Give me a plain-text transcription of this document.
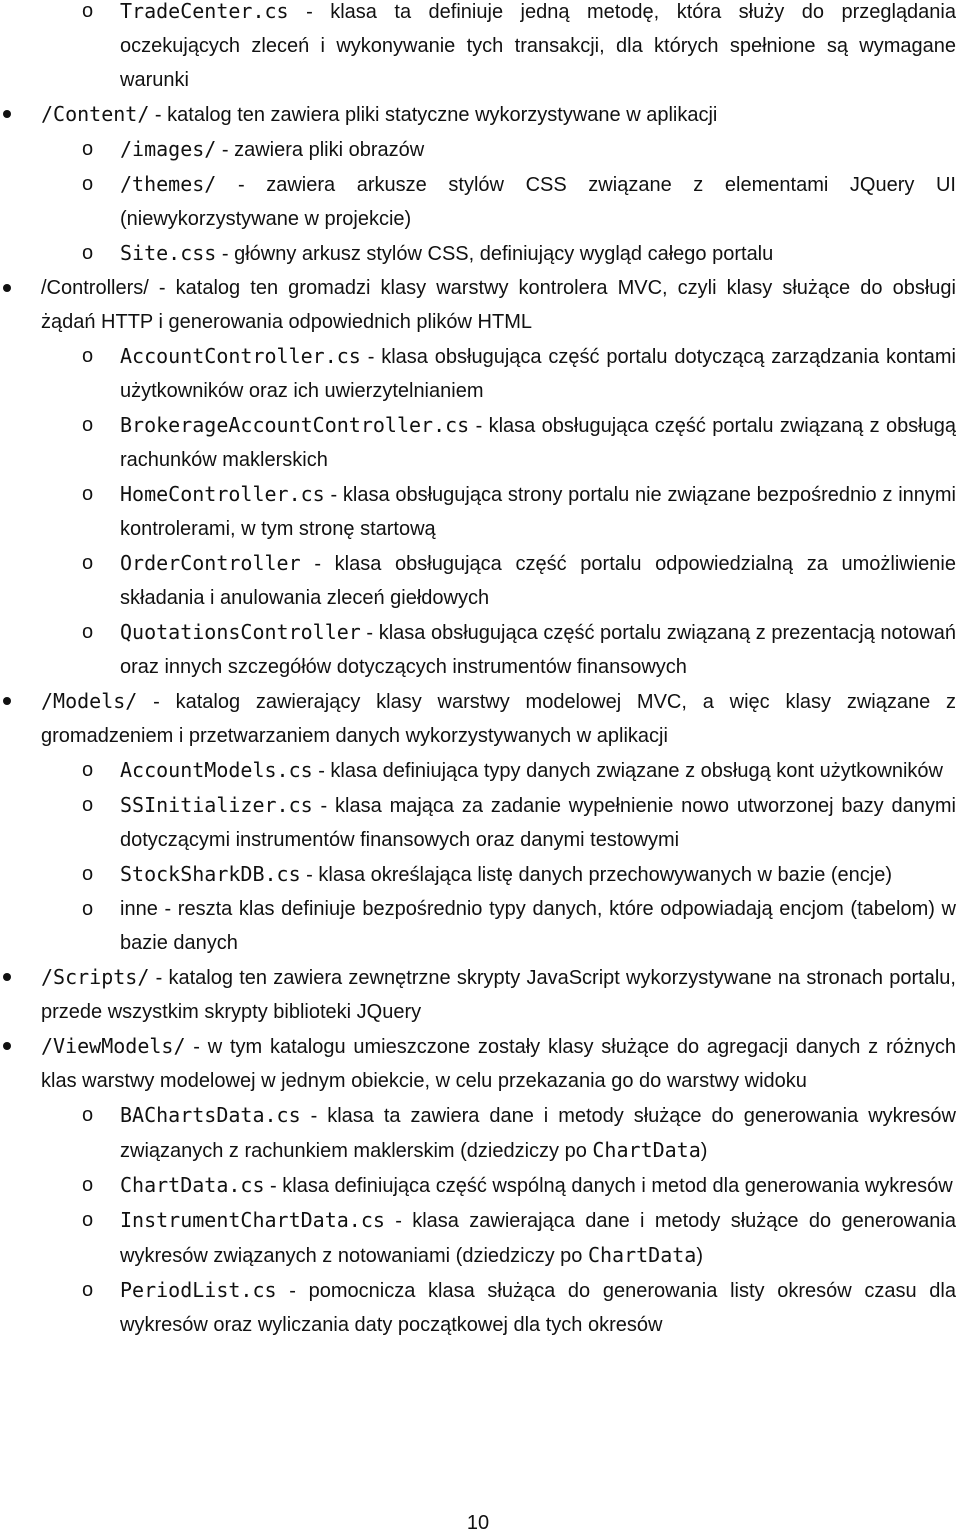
o	TradeCenter.cs - klasa ta definiuje jedną metodę, która służy do przeglądania oczekujących zleceń i wykonywanie tych transakcji, dla których spełnione są wymagane warunki
/Content/ - katalog ten zawiera pliki statyczne wykorzystywane w aplikacji
o	/images/ - zawiera pliki obrazów
o	/themes/ - zawiera arkusze stylów CSS związane z elementami JQuery UI (niewykorzystywane w projekcie)
o	Site.css - główny arkusz stylów CSS, definiujący wygląd całego portalu
/Controllers/ - katalog ten gromadzi klasy warstwy kontrolera MVC, czyli klasy służące do obsługi żądań HTTP i generowania odpowiednich plików HTML
o	AccountController.cs - klasa obsługująca część portalu dotyczącą zarządzania kontami użytkowników oraz ich uwierzytelnianiem
o	BrokerageAccountController.cs - klasa obsługująca część portalu związaną z obsługą rachunków maklerskich
o	HomeController.cs - klasa obsługująca strony portalu nie związane bezpośrednio z innymi kontrolerami, w tym stronę startową
o	OrderController - klasa obsługująca część portalu odpowiedzialną za umożliwienie składania i anulowania zleceń giełdowych
o	QuotationsController - klasa obsługująca część portalu związaną z prezentacją notowań oraz innych szczegółów dotyczących instrumentów finansowych
/Models/ - katalog zawierający klasy warstwy modelowej MVC, a więc klasy związane z gromadzeniem i przetwarzaniem danych wykorzystywanych w aplikacji
o	AccountModels.cs - klasa definiująca typy danych związane z obsługą kont użytkowników
o	SSInitializer.cs - klasa mająca za zadanie wypełnienie nowo utworzonej bazy danymi dotyczącymi instrumentów finansowych oraz danymi testowymi
o	StockSharkDB.cs - klasa określająca listę danych przechowywanych w bazie (encje)
o	inne - reszta klas definiuje bezpośrednio typy danych, które odpowiadają encjom (tabelom) w bazie danych
/Scripts/ - katalog ten zawiera zewnętrzne skrypty JavaScript wykorzystywane na stronach portalu, przede wszystkim skrypty biblioteki JQuery
/ViewModels/ - w tym katalogu umieszczone zostały klasy służące do agregacji danych z różnych klas warstwy modelowej w jednym obiekcie, w celu przekazania go do warstwy widoku
o	BAChartsData.cs - klasa ta zawiera dane i metody służące do generowania wykresów związanych z rachunkiem maklerskim (dziedziczy po ChartData)
o	ChartData.cs - klasa definiująca część wspólną danych i metod dla generowania wykresów
o	InstrumentChartData.cs - klasa zawierająca dane i metody służące do generowania wykresów związanych z notowaniami (dziedziczy po ChartData)
o	PeriodList.cs - pomocnicza klasa służąca do generowania listy okresów czasu dla wykresów oraz wyliczania daty początkowej dla tych okresów
10
